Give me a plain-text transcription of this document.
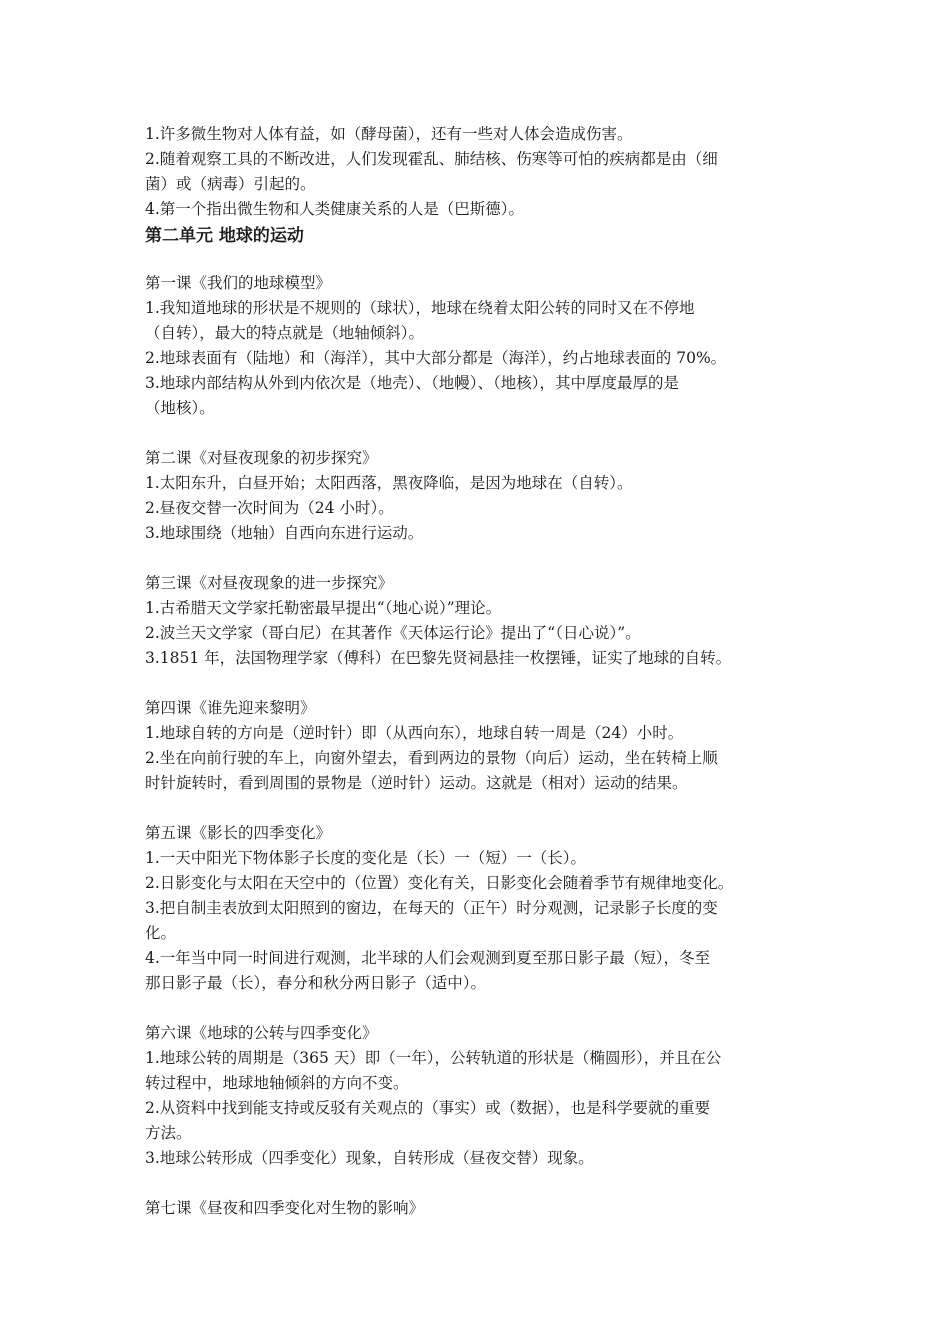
1.许多微生物对人体有益，如（酵母菌），还有一些对人体会造成伤害。
2.随着观察工具的不断改进，人们发现霍乱、肺结核、伤寒等可怕的疾病都是由（细
菌）或（病毒）引起的。
4.第一个指出微生物和人类健康关系的人是（巴斯德）。
第二单元 地球的运动
第一课《我们的地球模型》
1.我知道地球的形状是不规则的（球状），地球在绕着太阳公转的同时又在不停地
（自转），最大的特点就是（地轴倾斜）。
2.地球表面有（陆地）和（海洋），其中大部分都是（海洋），约占地球表面的 70%。
3.地球内部结构从外到内依次是（地壳）、（地幔）、（地核），其中厚度最厚的是
（地核）。
第二课《对昼夜现象的初步探究》
1.太阳东升，白昼开始；太阳西落，黑夜降临，是因为地球在（自转）。
2.昼夜交替一次时间为（24 小时）。
3.地球围绕（地轴）自西向东进行运动。
第三课《对昼夜现象的进一步探究》
1.古希腊天文学家托勒密最早提出“（地心说）”理论。
2.波兰天文学家（哥白尼）在其著作《天体运行论》提出了“（日心说）”。
3.1851 年，法国物理学家（傅科）在巴黎先贤祠悬挂一枚摆锤，证实了地球的自转。
第四课《谁先迎来黎明》
1.地球自转的方向是（逆时针）即（从西向东），地球自转一周是（24）小时。
2.坐在向前行驶的车上，向窗外望去，看到两边的景物（向后）运动，坐在转椅上顺
时针旋转时，看到周围的景物是（逆时针）运动。这就是（相对）运动的结果。
第五课《影长的四季变化》
1.一天中阳光下物体影子长度的变化是（长）一（短）一（长）。
2.日影变化与太阳在天空中的（位置）变化有关，日影变化会随着季节有规律地变化。
3.把自制圭表放到太阳照到的窗边，在每天的（正午）时分观测，记录影子长度的变
化。
4.一年当中同一时间进行观测，北半球的人们会观测到夏至那日影子最（短），冬至
那日影子最（长），春分和秋分两日影子（适中）。
第六课《地球的公转与四季变化》
1.地球公转的周期是（365 天）即（一年），公转轨道的形状是（椭圆形），并且在公
转过程中，地球地轴倾斜的方向不变。
2.从资料中找到能支持或反驳有关观点的（事实）或（数据），也是科学要就的重要
方法。
3.地球公转形成（四季变化）现象，自转形成（昼夜交替）现象。
第七课《昼夜和四季变化对生物的影响》
